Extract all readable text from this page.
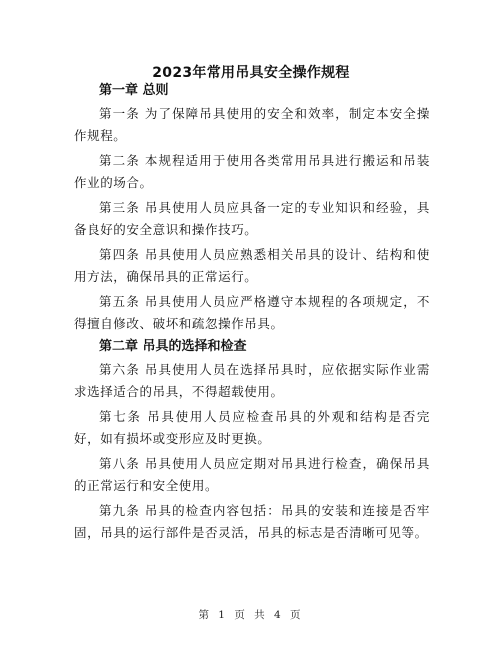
2023年常用吊具安全操作规程
第一章 总则

第一条 为了保障吊具使用的安全和效率，制定本安全操作规程。

第二条 本规程适用于使用各类常用吊具进行搬运和吊装作业的场合。

第三条 吊具使用人员应具备一定的专业知识和经验，具备良好的安全意识和操作技巧。

第四条 吊具使用人员应熟悉相关吊具的设计、结构和使用方法，确保吊具的正常运行。

第五条 吊具使用人员应严格遵守本规程的各项规定，不得擅自修改、破坏和疏忽操作吊具。

第二章 吊具的选择和检查

第六条 吊具使用人员在选择吊具时，应依据实际作业需求选择适合的吊具，不得超载使用。

第七条 吊具使用人员应检查吊具的外观和结构是否完好，如有损坏或变形应及时更换。

第八条 吊具使用人员应定期对吊具进行检查，确保吊具的正常运行和安全使用。

第九条 吊具的检查内容包括：吊具的安装和连接是否牢固，吊具的运行部件是否灵活，吊具的标志是否清晰可见等。

第 1 页 共 4 页
